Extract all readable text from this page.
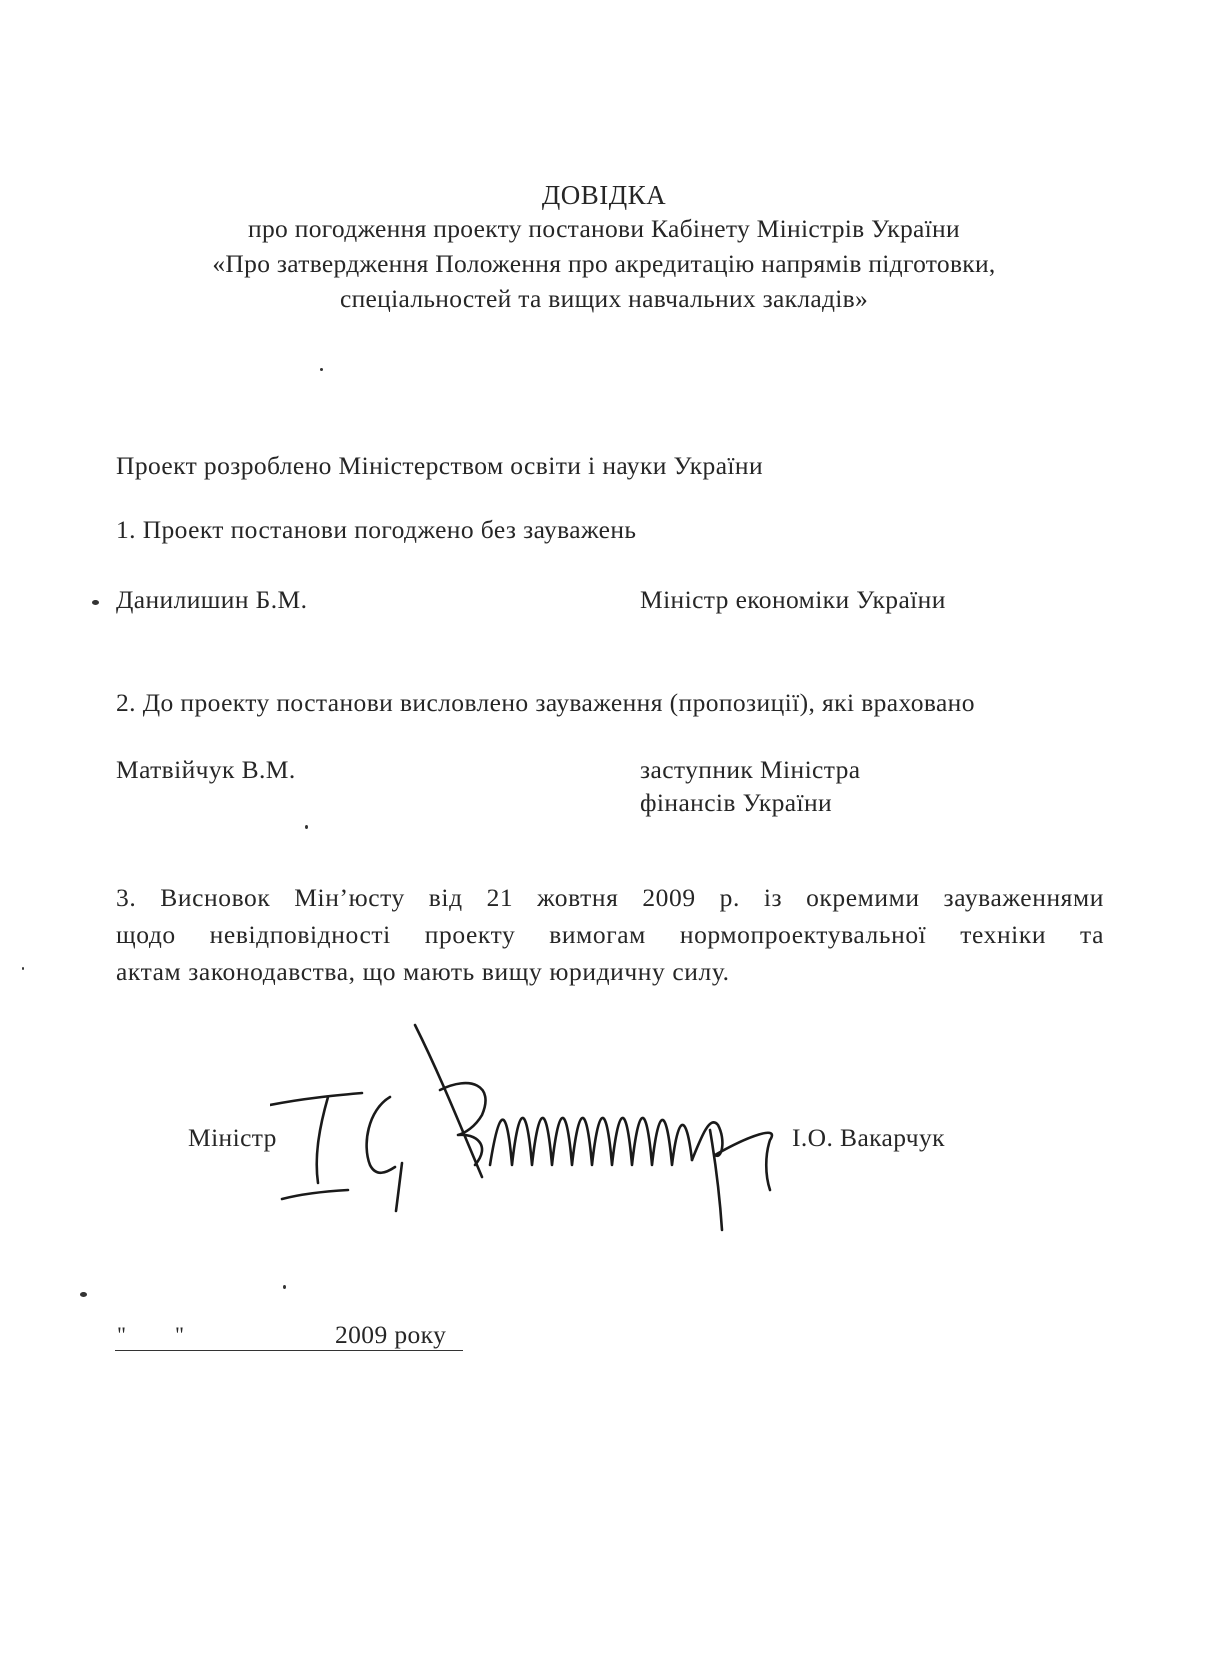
ДОВІДКА
про погодження проекту постанови Кабінету Міністрів України
«Про затвердження Положення про акредитацію напрямів підготовки,
спеціальностей та вищих навчальних закладів»
Проект розроблено Міністерством освіти і науки України
1. Проект постанови погоджено без зауважень
Данилишин Б.М.	Міністр економіки України
2. До проекту постанови висловлено зауваження (пропозиції), які враховано
Матвійчук В.М.	заступник Міністра
фінансів України
3. Висновок Мін’юсту від 21 жовтня 2009 р. із окремими зауваженнями
щодо невідповідності проекту вимогам нормопроектувальної техніки та
актам законодавства, що мають вищу юридичну силу.
Міністр	І.О. Вакарчук
" "	2009 року
